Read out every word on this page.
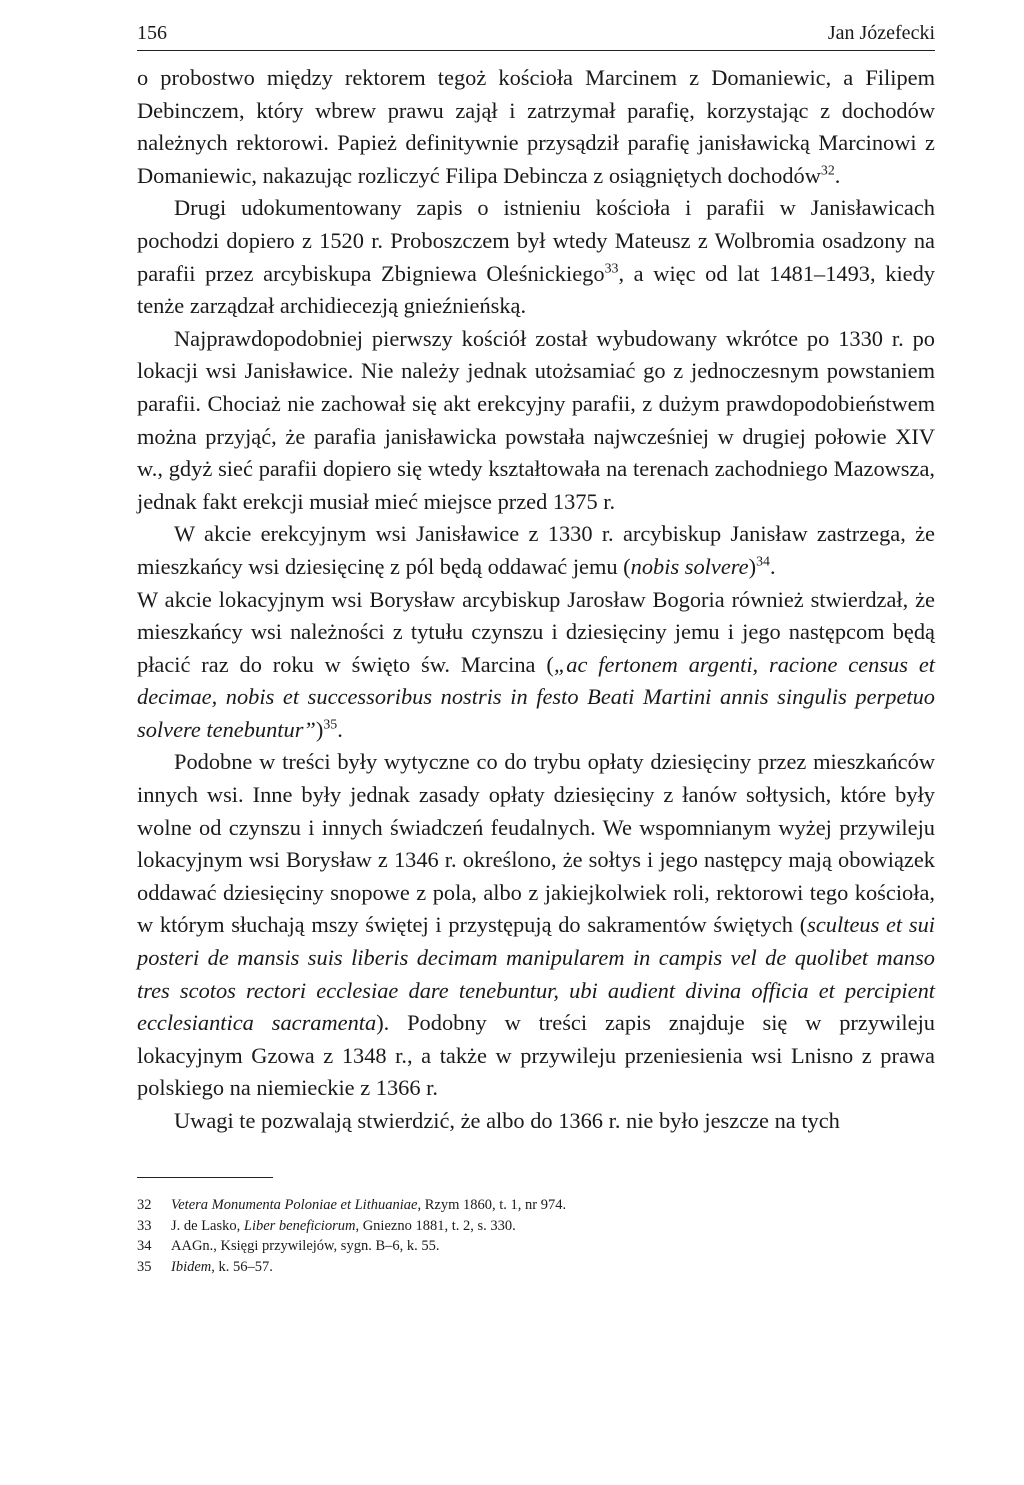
156	Jan Józefecki

o probostwo między rektorem tegoż kościoła Marcinem z Domaniewic, a Filipem Debinczem, który wbrew prawu zajął i zatrzymał parafię, korzystając z dochodów należnych rektorowi. Papież definitywnie przysądził parafię janisławicką Marcinowi z Domaniewic, nakazując rozliczyć Filipa Debincza z osiągniętych dochodów$^{32}$.

Drugi udokumentowany zapis o istnieniu kościoła i parafii w Janisławicach pochodzi dopiero z 1520 r. Proboszczem był wtedy Mateusz z Wolbromia osadzony na parafii przez arcybiskupa Zbigniewa Oleśnickiego$^{33}$, a więc od lat 1481–1493, kiedy tenże zarządzał archidiecezją gnieźnieńską.

Najprawdopodobniej pierwszy kościół został wybudowany wkrótce po 1330 r. po lokacji wsi Janisławice. Nie należy jednak utożsamiać go z jednoczesnym powstaniem parafii. Chociaż nie zachował się akt erekcyjny parafii, z dużym prawdopodobieństwem można przyjąć, że parafia janisławicka powstała najwcześniej w drugiej połowie XIV w., gdyż sieć parafii dopiero się wtedy kształtowała na terenach zachodniego Mazowsza, jednak fakt erekcji musiał mieć miejsce przed 1375 r.

W akcie erekcyjnym wsi Janisławice z 1330 r. arcybiskup Janisław zastrzega, że mieszkańcy wsi dziesięcinę z pól będą oddawać jemu (nobis solvere)$^{34}$.

W akcie lokacyjnym wsi Borysław arcybiskup Jarosław Bogoria również stwierdzał, że mieszkańcy wsi należności z tytułu czynszu i dziesięciny jemu i jego następcom będą płacić raz do roku w święto św. Marcina („ac fertonem argenti, racione census et decimae, nobis et successoribus nostris in festo Beati Martini annis singulis perpetuo solvere tenebuntur”)$^{35}$.

Podobne w treści były wytyczne co do trybu opłaty dziesięciny przez mieszkańców innych wsi. Inne były jednak zasady opłaty dziesięciny z łanów sołtysich, które były wolne od czynszu i innych świadczeń feudalnych. We wspomnianym wyżej przywileju lokacyjnym wsi Borysław z 1346 r. określono, że sołtys i jego następcy mają obowiązek oddawać dziesięciny snopowe z pola, albo z jakiejkolwiek roli, rektorowi tego kościoła, w którym słuchają mszy świętej i przystępują do sakramentów świętych (sculteus et sui posteri de mansis suis liberis decimam manipularem in campis vel de quolibet manso tres scotos rectori ecclesiae dare tenebuntur, ubi audient divina officia et percipient ecclesiantica sacramenta). Podobny w treści zapis znajduje się w przywileju lokacyjnym Gzowa z 1348 r., a także w przywileju przeniesienia wsi Lnisno z prawa polskiego na niemieckie z 1366 r.

Uwagi te pozwalają stwierdzić, że albo do 1366 r. nie było jeszcze na tych

32	Vetera Monumenta Poloniae et Lithuaniae, Rzym 1860, t. 1, nr 974.
33	J. de Lasko, Liber beneficiorum, Gniezno 1881, t. 2, s. 330.
34	AAGn., Księgi przywilejów, sygn. B–6, k. 55.
35	Ibidem, k. 56–57.
